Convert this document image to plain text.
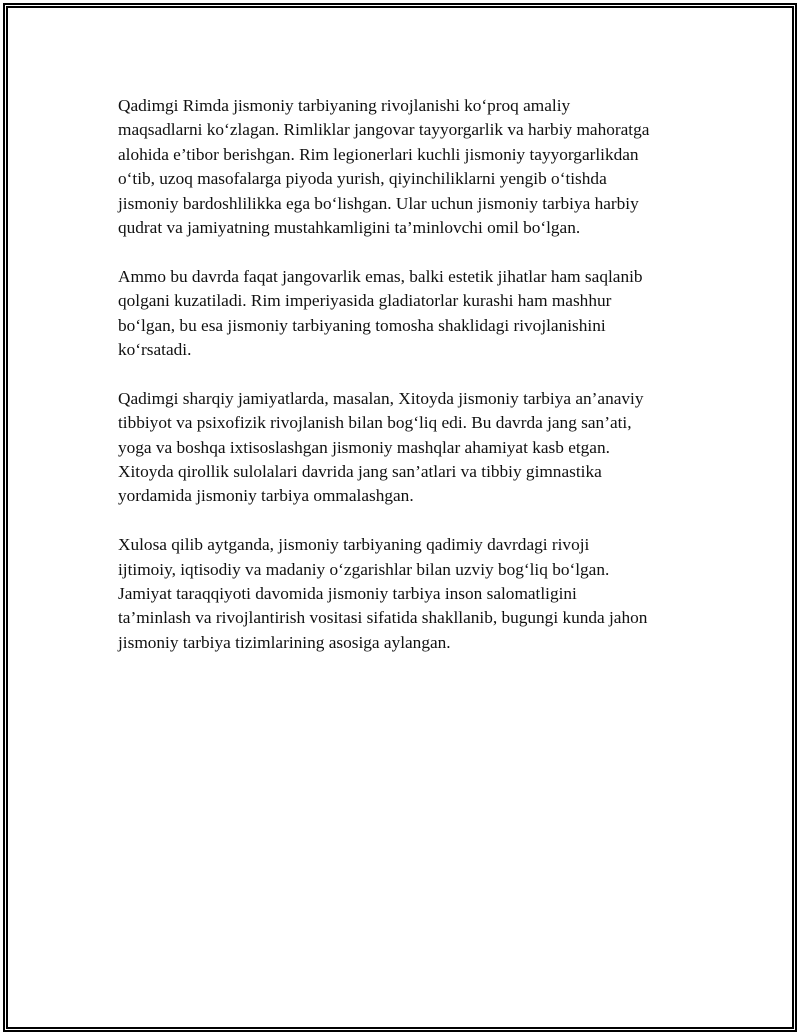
Qadimgi Rimda jismoniy tarbiyaning rivojlanishi ko‘proq amaliy
maqsadlarni ko‘zlagan. Rimliklar jangovar tayyorgarlik va harbiy mahoratga
alohida e’tibor berishgan. Rim legionerlari kuchli jismoniy tayyorgarlikdan
o‘tib, uzoq masofalarga piyoda yurish, qiyinchiliklarni yengib o‘tishda
jismoniy bardoshlilikka ega bo‘lishgan. Ular uchun jismoniy tarbiya harbiy
qudrat va jamiyatning mustahkamligini ta’minlovchi omil bo‘lgan.

Ammo bu davrda faqat jangovarlik emas, balki estetik jihatlar ham saqlanib
qolgani kuzatiladi. Rim imperiyasida gladiatorlar kurashi ham mashhur
bo‘lgan, bu esa jismoniy tarbiyaning tomosha shaklidagi rivojlanishini
ko‘rsatadi.

Qadimgi sharqiy jamiyatlarda, masalan, Xitoyda jismoniy tarbiya an’anaviy
tibbiyot va psixofizik rivojlanish bilan bog‘liq edi. Bu davrda jang san’ati,
yoga va boshqa ixtisoslashgan jismoniy mashqlar ahamiyat kasb etgan.
Xitoyda qirollik sulolalari davrida jang san’atlari va tibbiy gimnastika
yordamida jismoniy tarbiya ommalashgan.

Xulosa qilib aytganda, jismoniy tarbiyaning qadimiy davrdagi rivoji
ijtimoiy, iqtisodiy va madaniy o‘zgarishlar bilan uzviy bog‘liq bo‘lgan.
Jamiyat taraqqiyoti davomida jismoniy tarbiya inson salomatligini
ta’minlash va rivojlantirish vositasi sifatida shakllanib, bugungi kunda jahon
jismoniy tarbiya tizimlarining asosiga aylangan.
